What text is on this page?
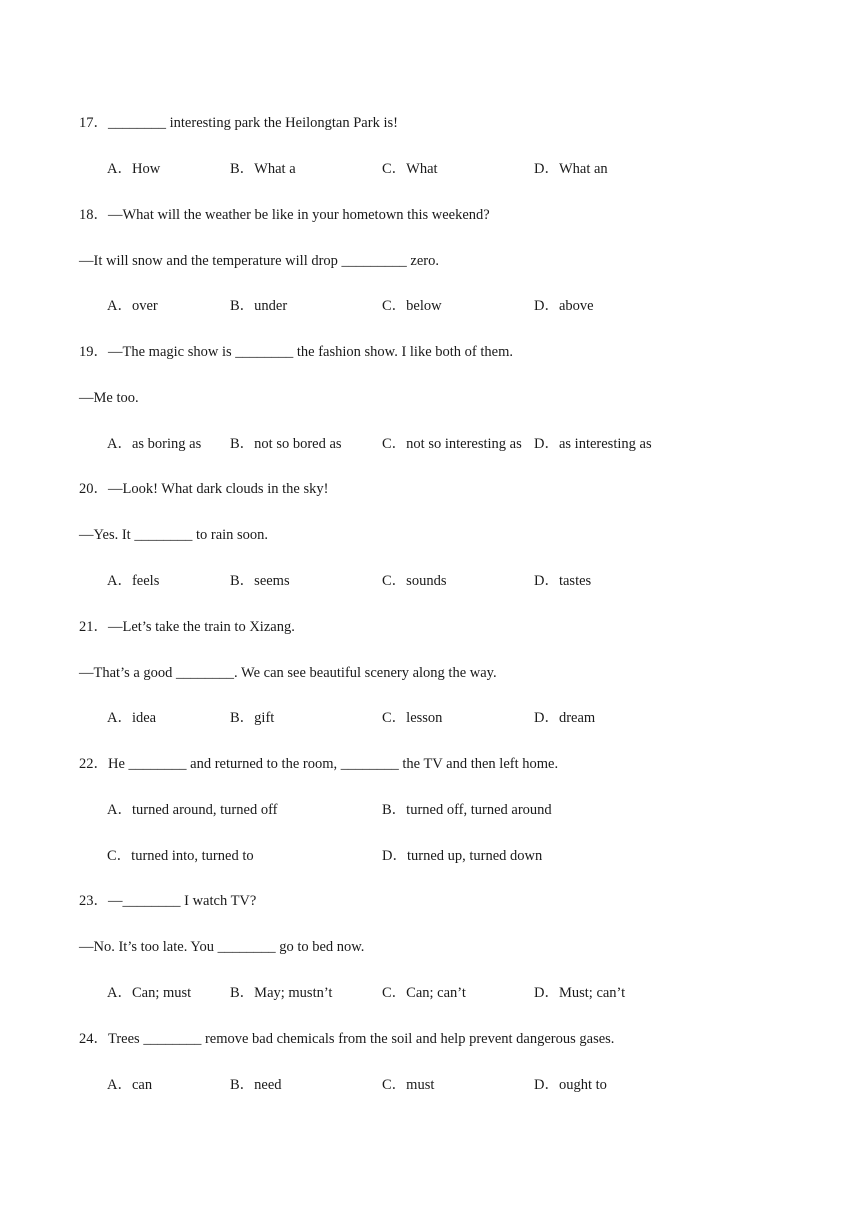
17．________ interesting park the Heilongtan Park is!
A．How	B．What a	C．What	D．What an
18．—What will the weather be like in your hometown this weekend?
—It will snow and the temperature will drop _________ zero.
A．over	B．under	C．below	D．above
19．—The magic show is ________ the fashion show. I like both of them.
—Me too.
A．as boring as B．not so bored as	C．not so interesting as D．as interesting as
20．—Look! What dark clouds in the sky!
—Yes. It ________ to rain soon.
A．feels	B．seems	C．sounds	D．tastes
21．—Let’s take the train to Xizang.
—That’s a good ________. We can see beautiful scenery along the way.
A．idea	B．gift	C．lesson	D．dream
22．He ________ and returned to the room, ________ the TV and then left home.
A．turned around, turned off	B．turned off, turned around
C．turned into, turned to	D．turned up, turned down
23．—________ I watch TV?
—No. It’s too late. You ________ go to bed now.
A．Can; must	B．May; mustn’t	C．Can; can’t	D．Must; can’t
24．Trees ________ remove bad chemicals from the soil and help prevent dangerous gases.
A．can	B．need	C．must	D．ought to
